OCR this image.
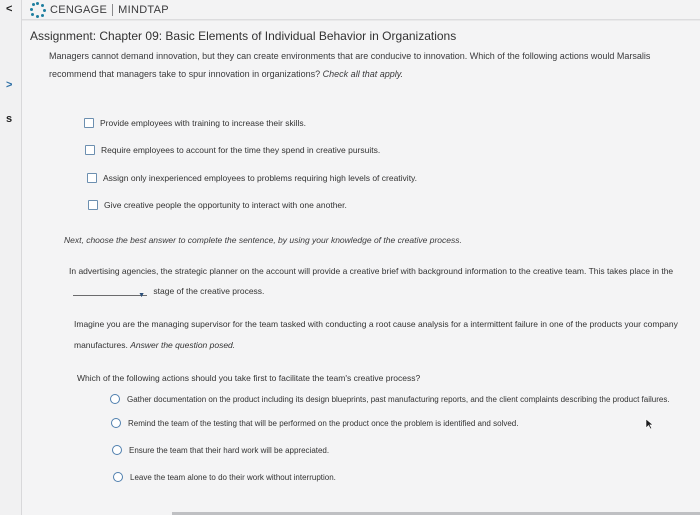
<
>
s
CENGAGE MINDTAP
Assignment: Chapter 09: Basic Elements of Individual Behavior in Organizations
Managers cannot demand innovation, but they can create environments that are conducive to innovation. Which of the following actions would Marsalis recommend that managers take to spur innovation in organizations? Check all that apply.
Provide employees with training to increase their skills.
Require employees to account for the time they spend in creative pursuits.
Assign only inexperienced employees to problems requiring high levels of creativity.
Give creative people the opportunity to interact with one another.
Next, choose the best answer to complete the sentence, by using your knowledge of the creative process.
In advertising agencies, the strategic planner on the account will provide a creative brief with background information to the creative team. This takes place in the
▼ stage of the creative process.
Imagine you are the managing supervisor for the team tasked with conducting a root cause analysis for a intermittent failure in one of the products your company manufactures. Answer the question posed.
Which of the following actions should you take first to facilitate the team's creative process?
Gather documentation on the product including its design blueprints, past manufacturing reports, and the client complaints describing the product failures.
Remind the team of the testing that will be performed on the product once the problem is identified and solved.
Ensure the team that their hard work will be appreciated.
Leave the team alone to do their work without interruption.
